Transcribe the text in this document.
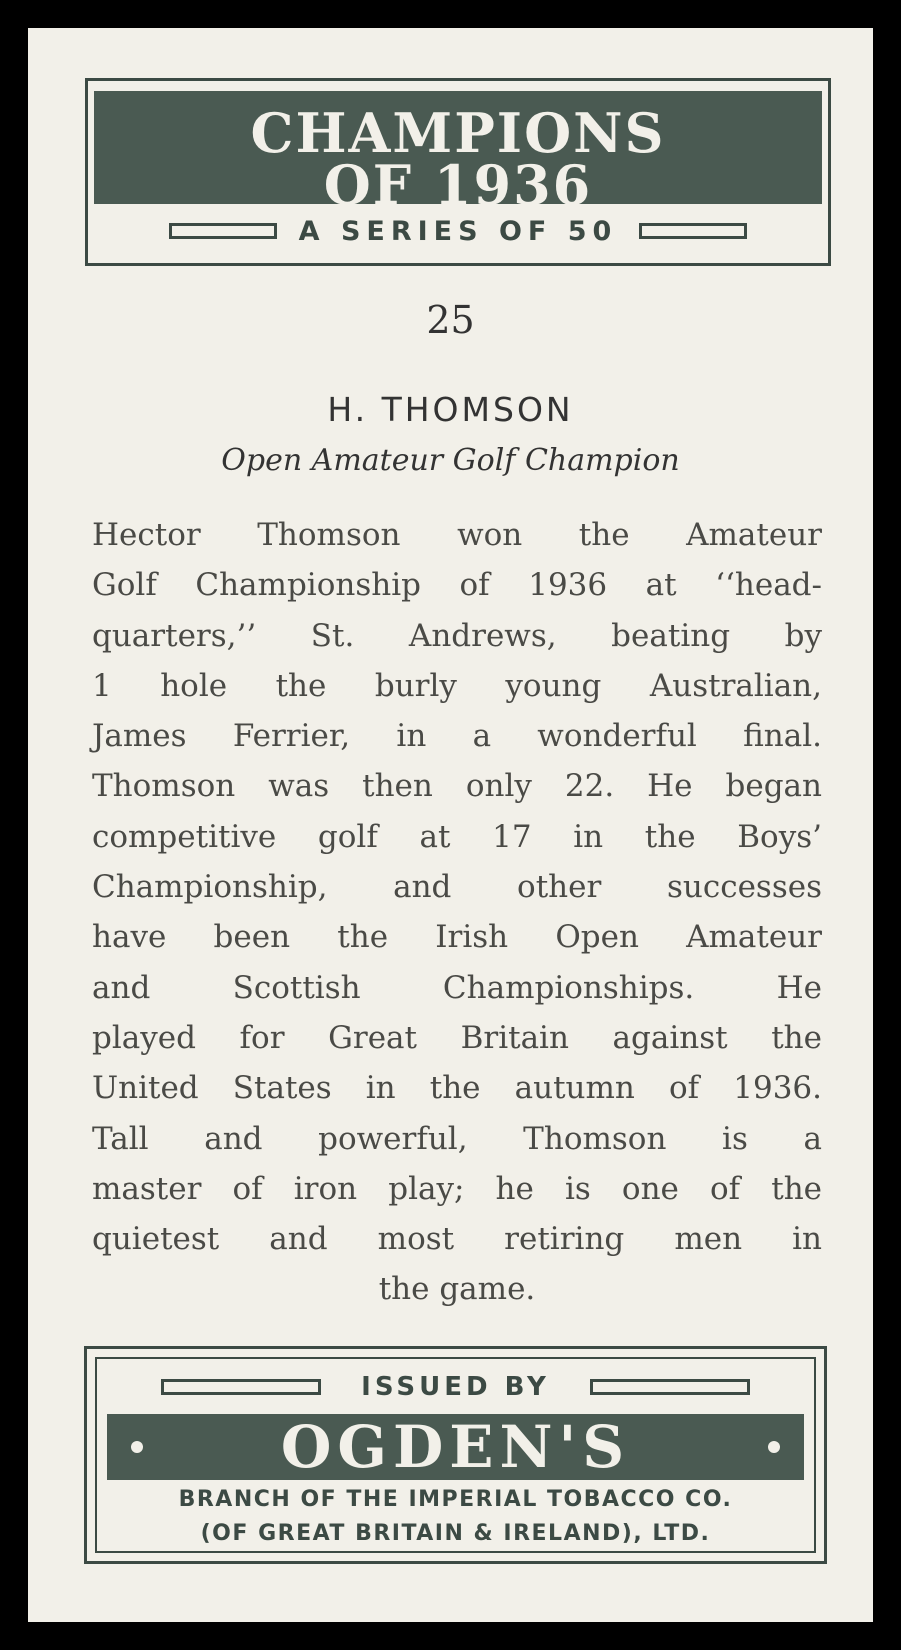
CHAMPIONS
OF 1936
A SERIES OF 50
25
H. THOMSON
Open Amateur Golf Champion
Hector Thomson won the Amateur
Golf Championship of 1936 at ‘‘head-
quarters,’’ St. Andrews, beating by
1 hole the burly young Australian,
James Ferrier, in a wonderful final.
Thomson was then only 22. He began
competitive golf at 17 in the Boys’
Championship, and other successes
have been the Irish Open Amateur
and Scottish Championships. He
played for Great Britain against the
United States in the autumn of 1936.
Tall and powerful, Thomson is a
master of iron play; he is one of the
quietest and most retiring men in
the game.
ISSUED BY
OGDEN'S
BRANCH OF THE IMPERIAL TOBACCO CO.
(OF GREAT BRITAIN & IRELAND), LTD.
